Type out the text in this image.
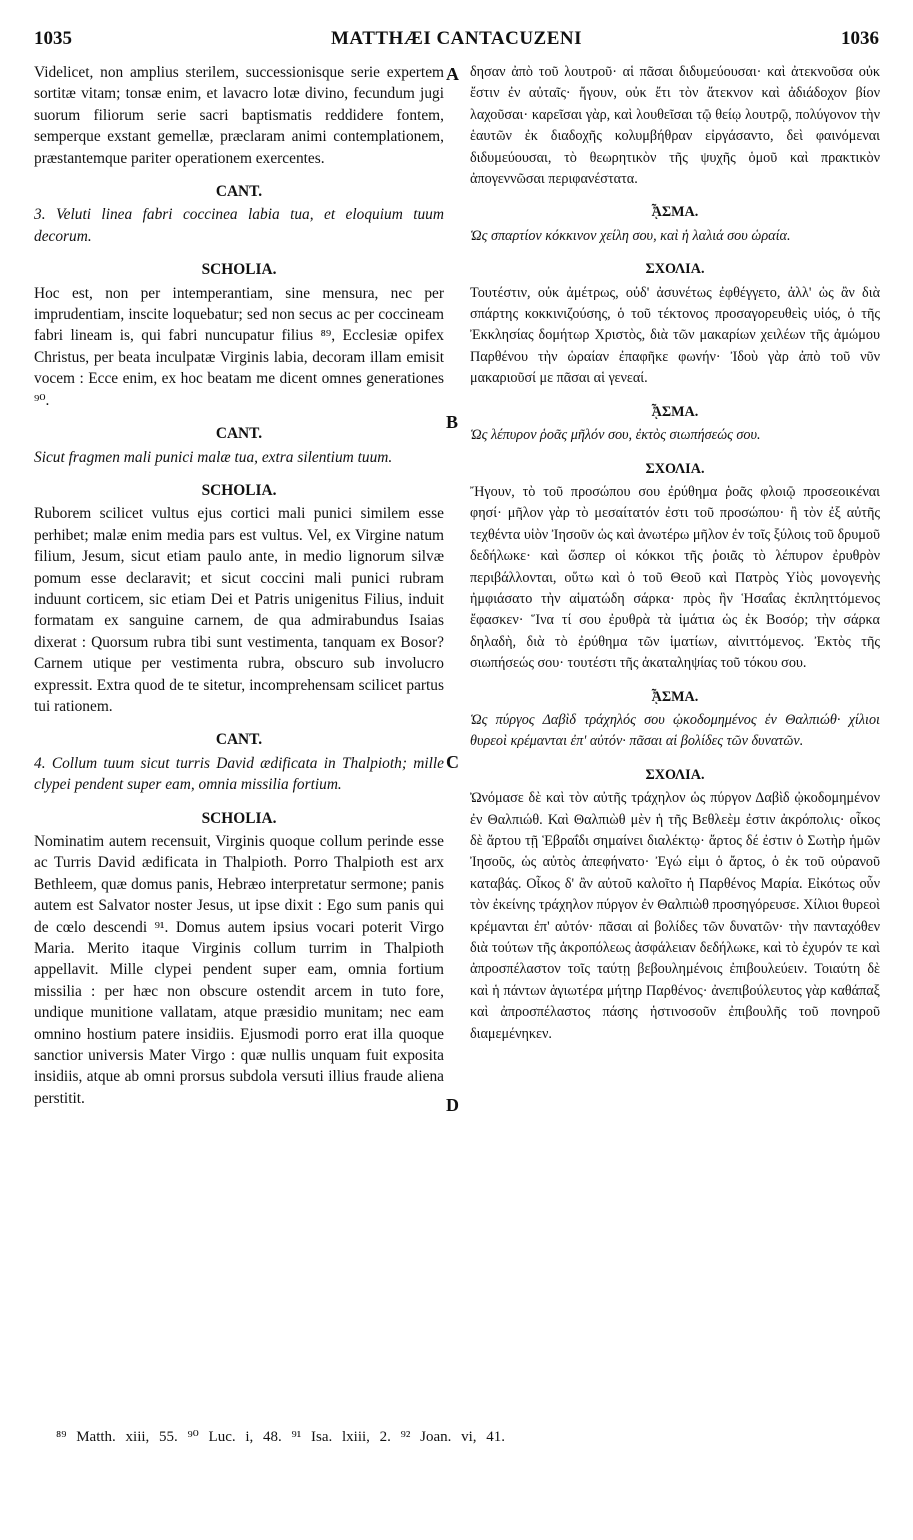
1035	MATTHÆI CANTACUZENI	1036

Videlicet, non amplius sterilem, successionisque serie expertem sortitæ vitam; tonsæ enim, et lavacro lotæ divino, fecundum jugi suorum filiorum serie sacri baptismatis reddidere fontem, semperque exstant gemellæ, præclaram animi contemplationem, præstantemque pariter operationem exercentes.

CANT.

3. Veluti linea fabri coccinea labia tua, et eloquium tuum decorum.

SCHOLIA.

Hoc est, non per intemperantiam, sine mensura, nec per imprudentiam, inscite loquebatur; sed non secus ac per coccineam fabri lineam is, qui fabri nuncupatur filius ⁸⁹, Ecclesiæ opifex Christus, per beata inculpatæ Virginis labia, decoram illam emisit vocem : Ecce enim, ex hoc beatam me dicent omnes generationes ⁹⁰.

CANT.

Sicut fragmen mali punici malæ tua, extra silentium tuum.

SCHOLIA.

Ruborem scilicet vultus ejus cortici mali punici similem esse perhibet; malæ enim media pars est vultus. Vel, ex Virgine natum filium, Jesum, sicut etiam paulo ante, in medio lignorum silvæ pomum esse declaravit; et sicut coccini mali punici rubram induunt corticem, sic etiam Dei et Patris unigenitus Filius, induit formatam ex sanguine carnem, de qua admirabundus Isaias dixerat : Quorsum rubra tibi sunt vestimenta, tanquam ex Bosor? Carnem utique per vestimenta rubra, obscuro sub involucro expressit. Extra quod de te sitetur, incomprehensam scilicet partus tui rationem.

CANT.

4. Collum tuum sicut turris David ædificata in Thalpioth; mille clypei pendent super eam, omnia missilia fortium.

SCHOLIA.

Nominatim autem recensuit, Virginis quoque collum perinde esse ac Turris David ædificata in Thalpioth. Porro Thalpioth est arx Bethleem, quæ domus panis, Hebræo interpretatur sermone; panis autem est Salvator noster Jesus, ut ipse dixit : Ego sum panis qui de cœlo descendi ⁹¹. Domus autem ipsius vocari poterit Virgo Maria. Merito itaque Virginis collum turrim in Thalpioth appellavit. Mille clypei pendent super eam, omnia fortium missilia : per hæc non obscure ostendit arcem in tuto fore, undique munitione vallatam, atque præsidio munitam; nec eam omnino hostium patere insidiis. Ejusmodi porro erat illa quoque sanctior universis Mater Virgo : quæ nullis unquam fuit exposita insidiis, atque ab omni prorsus subdola versuti illius fraude aliena perstitit.

A
B
C
D

δησαν ἀπὸ τοῦ λουτροῦ· αἱ πᾶσαι διδυμεύουσαι· καὶ ἀτεκνοῦσα οὐκ ἔστιν ἐν αὐταῖς· ἤγουν, οὐκ ἔτι τὸν ἄτεκνον καὶ ἀδιάδοχον βίον λαχοῦσαι· καρεῖσαι γὰρ, καὶ λουθεῖσαι τῷ θείῳ λουτρῷ, πολύγονον τὴν ἑαυτῶν ἐκ διαδοχῆς κολυμβήθραν εἰργάσαντο, δεὶ φαινόμεναι διδυμεύουσαι, τὸ θεωρητικὸν τῆς ψυχῆς ὁμοῦ καὶ πρακτικὸν ἀπογεννῶσαι περιφανέστατα.

ᾎΣΜΑ.

Ὡς σπαρτίον κόκκινον χείλη σου, καὶ ἡ λαλιά σου ὡραία.

ΣΧΟΛΙΑ.

Τουτέστιν, οὐκ ἀμέτρως, οὐδ' ἀσυνέτως ἐφθέγγετο, ἀλλ' ὡς ἂν διὰ σπάρτης κοκκινιζούσης, ὁ τοῦ τέκτονος προσαγορευθεὶς υἱός, ὁ τῆς Ἐκκλησίας δομήτωρ Χριστὸς, διὰ τῶν μακαρίων χειλέων τῆς ἀμώμου Παρθένου τὴν ὡραίαν ἐπαφῆκε φωνήν· Ἰδοὺ γὰρ ἀπὸ τοῦ νῦν μακαριοῦσί με πᾶσαι αἱ γενεαί.

ᾎΣΜΑ.

Ὡς λέπυρον ῥοᾶς μῆλόν σου, ἐκτὸς σιωπήσεώς σου.

ΣΧΟΛΙΑ.

Ἤγουν, τὸ τοῦ προσώπου σου ἐρύθημα ῥοᾶς φλοιῷ προσεοικέναι φησί· μῆλον γὰρ τὸ μεσαίτατόν ἐστι τοῦ προσώπου· ἢ τὸν ἐξ αὐτῆς τεχθέντα υἱὸν Ἰησοῦν ὡς καὶ ἀνωτέρω μῆλον ἐν τοῖς ξύλοις τοῦ δρυμοῦ δεδήλωκε· καὶ ὥσπερ οἱ κόκκοι τῆς ῥοιᾶς τὸ λέπυρον ἐρυθρὸν περιβάλλονται, οὕτω καὶ ὁ τοῦ Θεοῦ καὶ Πατρὸς Υἱὸς μονογενὴς ἠμφιάσατο τὴν αἱματώδη σάρκα· πρὸς ἣν Ἡσαΐας ἐκπληττόμενος ἔφασκεν· Ἵνα τί σου ἐρυθρὰ τὰ ἱμάτια ὡς ἐκ Βοσόρ; τὴν σάρκα δηλαδὴ, διὰ τὸ ἐρύθημα τῶν ἱματίων, αἰνιττόμενος. Ἐκτὸς τῆς σιωπήσεώς σου· τουτέστι τῆς ἀκαταληψίας τοῦ τόκου σου.

ᾎΣΜΑ.

Ὡς πύργος Δαβὶδ τράχηλός σου ᾠκοδομημένος ἐν Θαλπιώθ· χίλιοι θυρεοὶ κρέμανται ἐπ' αὐτόν· πᾶσαι αἱ βολίδες τῶν δυνατῶν.

ΣΧΟΛΙΑ.

Ὠνόμασε δὲ καὶ τὸν αὐτῆς τράχηλον ὡς πύργον Δαβὶδ ᾠκοδομημένον ἐν Θαλπιώθ. Καὶ Θαλπιὼθ μὲν ἡ τῆς Βεθλεὲμ ἐστιν ἀκρόπολις· οἶκος δὲ ἄρτου τῇ Ἑβραΐδι σημαίνει διαλέκτῳ· ἄρτος δέ ἐστιν ὁ Σωτὴρ ἡμῶν Ἰησοῦς, ὡς αὐτὸς ἀπεφήνατο· Ἐγώ εἰμι ὁ ἄρτος, ὁ ἐκ τοῦ οὐρανοῦ καταβάς. Οἶκος δ' ἂν αὐτοῦ καλοῖτο ἡ Παρθένος Μαρία. Εἰκότως οὖν τὸν ἐκείνης τράχηλον πύργον ἐν Θαλπιὼθ προσηγόρευσε. Χίλιοι θυρεοὶ κρέμανται ἐπ' αὐτόν· πᾶσαι αἱ βολίδες τῶν δυνατῶν· τὴν πανταχόθεν διὰ τούτων τῆς ἀκροπόλεως ἀσφάλειαν δεδήλωκε, καὶ τὸ ἐχυρόν τε καὶ ἀπροσπέλαστον τοῖς ταύτῃ βεβουλημένοις ἐπιβουλεύειν. Τοιαύτη δὲ καὶ ἡ πάντων ἁγιωτέρα μήτηρ Παρθένος· ἀνεπιβούλευτος γὰρ καθάπαξ καὶ ἀπροσπέλαστος πάσης ἡστινοσοῦν ἐπιβουλῆς τοῦ πονηροῦ διαμεμένηκεν.

⁸⁹ Matth. xiii, 55. ⁹⁰ Luc. i, 48. ⁹¹ Isa. lxiii, 2. ⁹² Joan. vi, 41.
